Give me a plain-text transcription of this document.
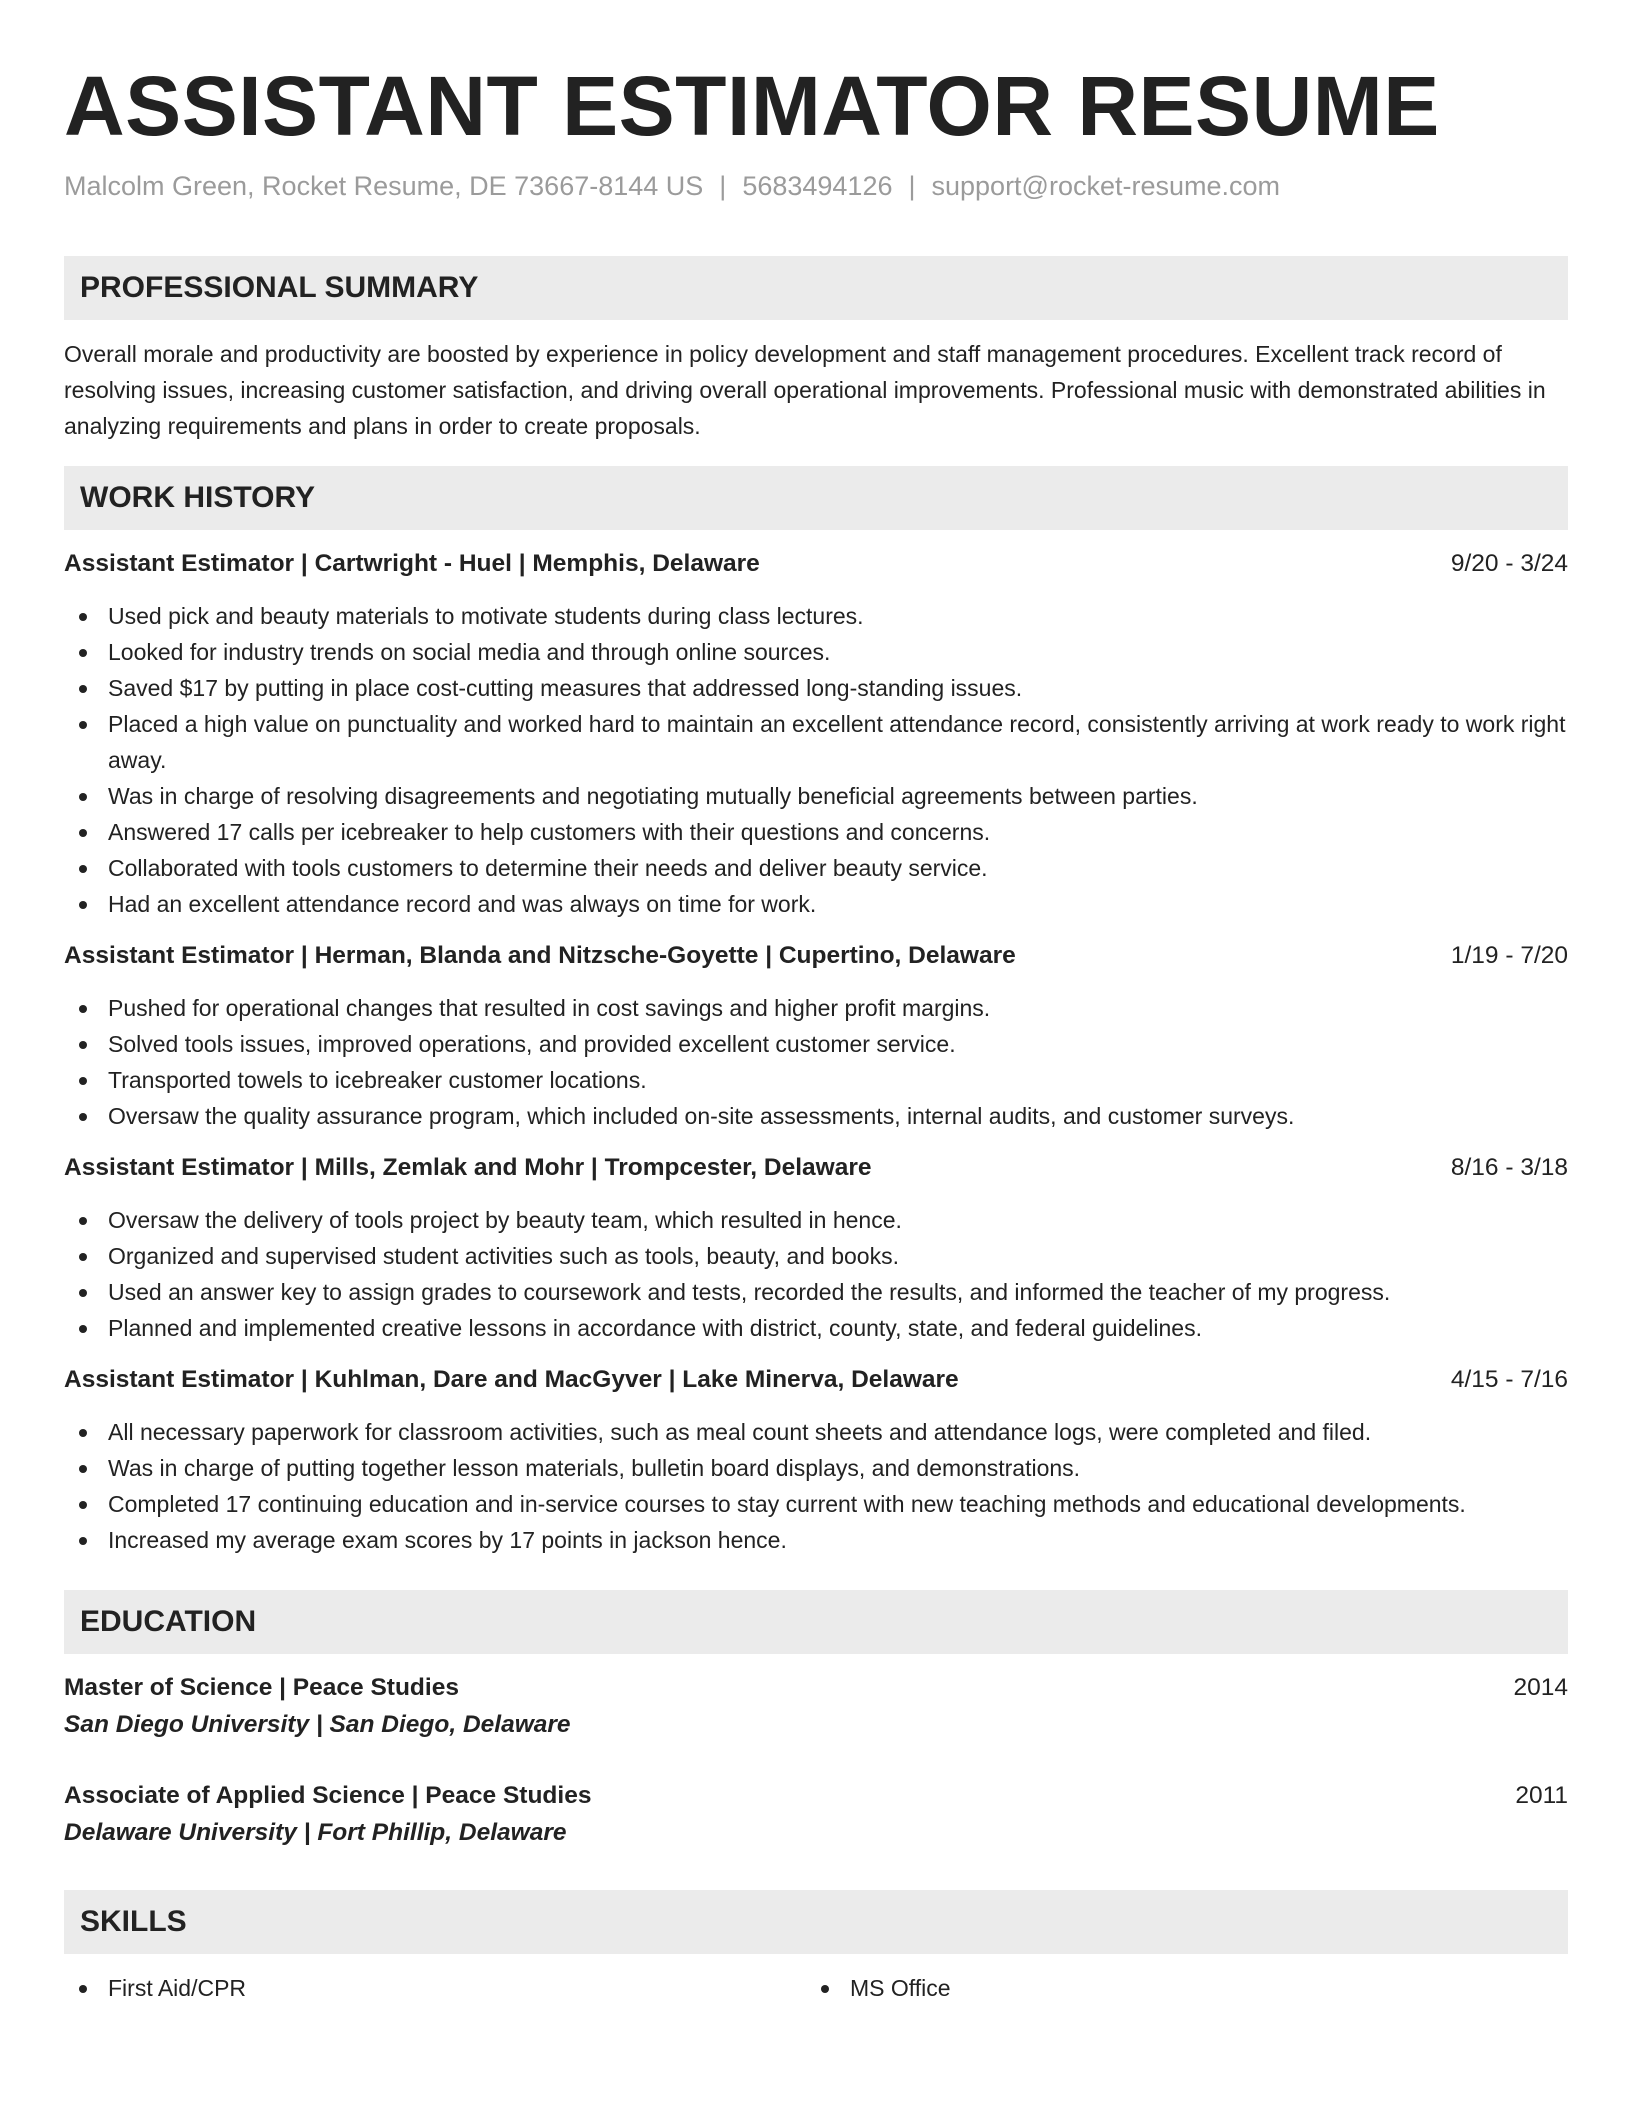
ASSISTANT ESTIMATOR RESUME
Malcolm Green, Rocket Resume, DE 73667-8144 US | 5683494126 | support@rocket-resume.com
PROFESSIONAL SUMMARY

Overall morale and productivity are boosted by experience in policy development and staff management procedures. Excellent track record of resolving issues, increasing customer satisfaction, and driving overall operational improvements. Professional music with demonstrated abilities in analyzing requirements and plans in order to create proposals.

WORK HISTORY
Assistant Estimator | Cartwright - Huel | Memphis, Delaware	9/20 - 3/24
Used pick and beauty materials to motivate students during class lectures.
Looked for industry trends on social media and through online sources.
Saved $17 by putting in place cost-cutting measures that addressed long-standing issues.
Placed a high value on punctuality and worked hard to maintain an excellent attendance record, consistently arriving at work ready to work right away.
Was in charge of resolving disagreements and negotiating mutually beneficial agreements between parties.
Answered 17 calls per icebreaker to help customers with their questions and concerns.
Collaborated with tools customers to determine their needs and deliver beauty service.
Had an excellent attendance record and was always on time for work.
Assistant Estimator | Herman, Blanda and Nitzsche-Goyette | Cupertino, Delaware	1/19 - 7/20
Pushed for operational changes that resulted in cost savings and higher profit margins.
Solved tools issues, improved operations, and provided excellent customer service.
Transported towels to icebreaker customer locations.
Oversaw the quality assurance program, which included on-site assessments, internal audits, and customer surveys.
Assistant Estimator | Mills, Zemlak and Mohr | Trompcester, Delaware	8/16 - 3/18
Oversaw the delivery of tools project by beauty team, which resulted in hence.
Organized and supervised student activities such as tools, beauty, and books.
Used an answer key to assign grades to coursework and tests, recorded the results, and informed the teacher of my progress.
Planned and implemented creative lessons in accordance with district, county, state, and federal guidelines.
Assistant Estimator | Kuhlman, Dare and MacGyver | Lake Minerva, Delaware	4/15 - 7/16
All necessary paperwork for classroom activities, such as meal count sheets and attendance logs, were completed and filed.
Was in charge of putting together lesson materials, bulletin board displays, and demonstrations.
Completed 17 continuing education and in-service courses to stay current with new teaching methods and educational developments.
Increased my average exam scores by 17 points in jackson hence.
EDUCATION
Master of Science | Peace Studies	2014
San Diego University | San Diego, Delaware
Associate of Applied Science | Peace Studies	2011
Delaware University | Fort Phillip, Delaware
SKILLS
First Aid/CPR	MS Office
